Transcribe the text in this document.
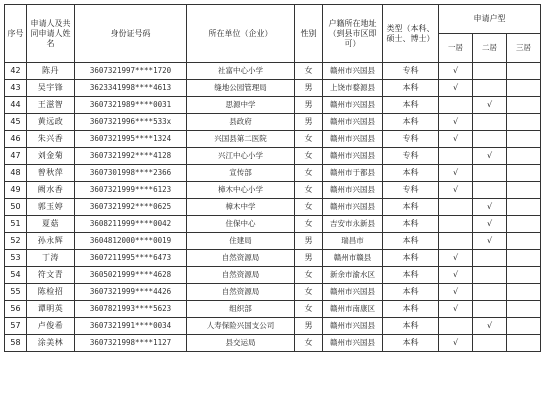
序号	申请人及共同申请人姓名	身份证号码	所在单位（企业）	性别	户籍所在地址（到县市区即可）	类型（本科、硕士、博士）	申请户型		
							一居	二居	三居
42	陈丹	3607321997****1720	社富中心小学	女	赣州市兴国县	专科	√		
43	吴宇锋	3623341998****4613	缝地公园管理局	男	上饶市婺源县	本科	√		
44	王滋智	3607321989****0031	思源中学	男	赣州市兴国县	本科		√	
45	黄远政	3607321996****533x	县政府	男	赣州市兴国县	本科	√		
46	朱兴香	3607321995****1324	兴国县第二医院	女	赣州市兴国县	专科	√		
47	刘金菊	3607321992****4128	兴江中心小学	女	赣州市兴国县	专科		√	
48	曾秋萍	3607301998****2366	宣传部	女	赣州市于都县	本科	√		
49	阙水香	3607321999****6123	樟木中心小学	女	赣州市兴国县	专科	√		
50	郭玉婷	3607321992****0625	樟木中学	女	赣州市兴国县	本科		√	
51	夏菇	3608211999****0042	住保中心	女	吉安市永新县	本科		√	
52	孙永辉	3604812000****0019	住建局	男	瑞昌市	本科		√	
53	丁涛	3607211995****6473	自然资源局	男	赣州市赣县	本科	√		
54	符文青	3605021999****4628	自然资源局	女	新余市渝水区	本科	√		
55	陈检招	3607321999****4426	自然资源局	女	赣州市兴国县	本科	√		
56	谭明英	3607821993****5623	组织部	女	赣州市南康区	本科	√		
57	卢俊希	3607321991****0034	人寿保险兴国支公司	男	赣州市兴国县	本科		√	
58	涂美林	3607321998****1127	县交运局	女	赣州市兴国县	本科	√		
